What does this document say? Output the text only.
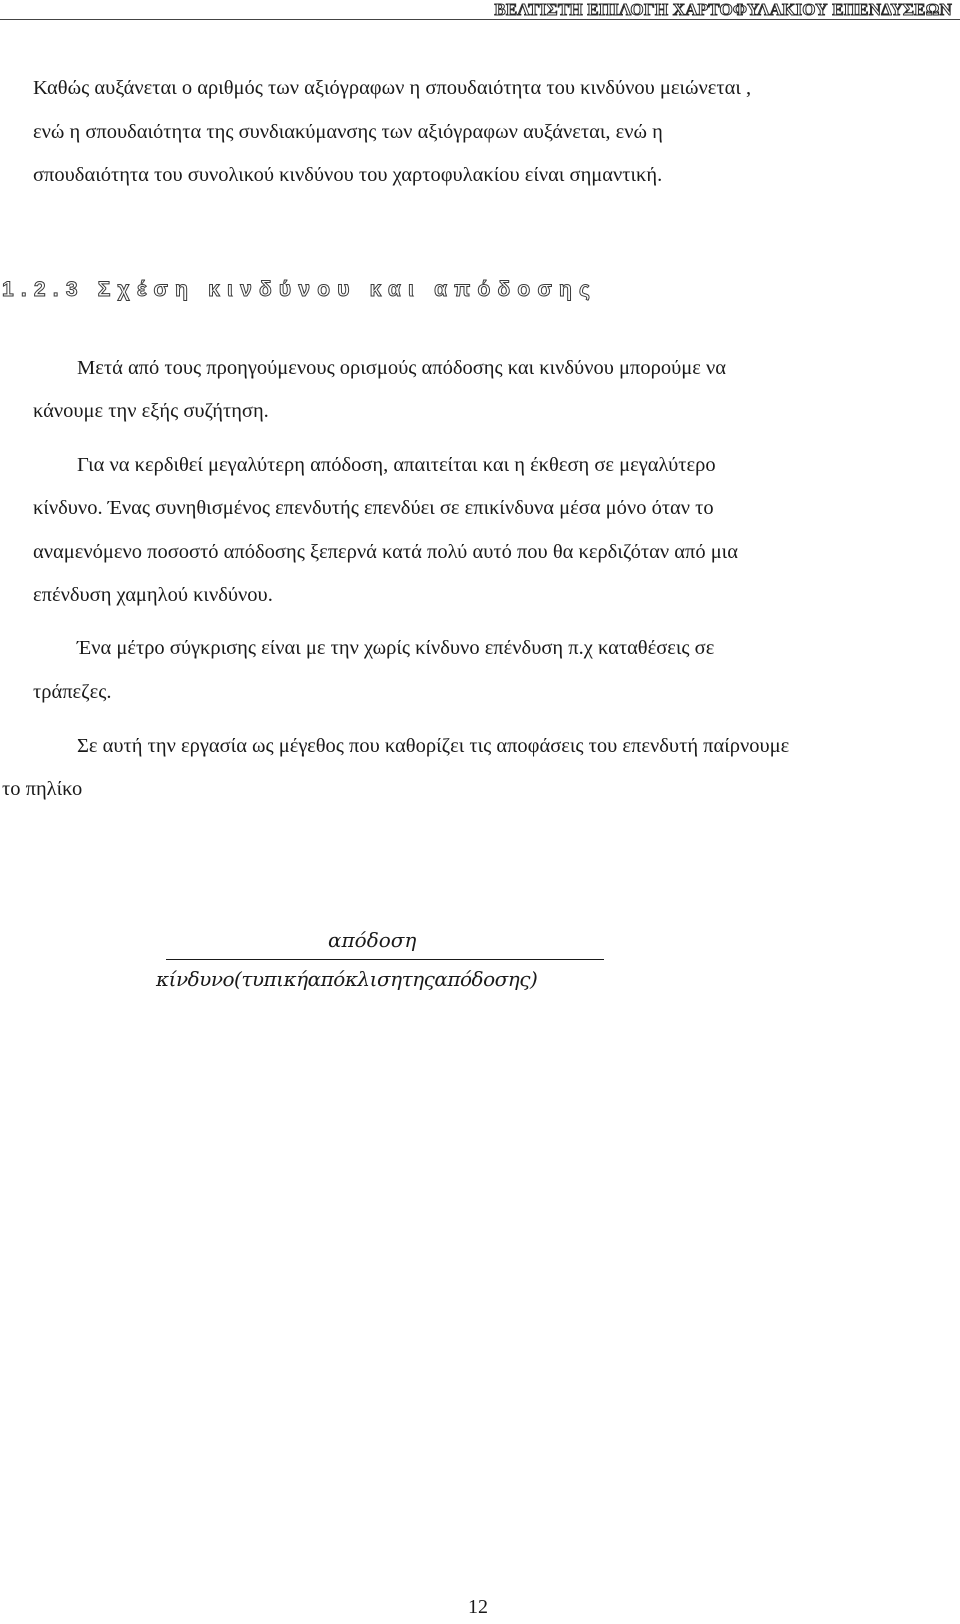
ΒΕΛΤΙΣΤΗ ΕΠΙΛΟΓΗ ΧΑΡΤΟΦΥΛΑΚΙΟΥ ΕΠΕΝΔΥΣΕΩΝ
Καθώς αυξάνεται ο αριθμός των αξιόγραφων η σπουδαιότητα του κινδύνου μειώνεται ,
ενώ η σπουδαιότητα της συνδιακύμανσης των αξιόγραφων αυξάνεται, ενώ η
σπουδαιότητα του συνολικού κινδύνου του χαρτοφυλακίου είναι σημαντική.
1.2.3 Σχέση κινδύνου και απόδοσης
Μετά από τους προηγούμενους ορισμούς απόδοσης και κινδύνου μπορούμε να
κάνουμε την εξής συζήτηση.
Για να κερδιθεί μεγαλύτερη απόδοση, απαιτείται και η έκθεση σε μεγαλύτερο
κίνδυνο. Ένας συνηθισμένος επενδυτής επενδύει σε επικίνδυνα μέσα μόνο όταν το
αναμενόμενο ποσοστό απόδοσης ξεπερνά κατά πολύ αυτό που θα κερδιζόταν από μια
επένδυση χαμηλού κινδύνου.
Ένα μέτρο σύγκρισης είναι με την χωρίς κίνδυνο επένδυση π.χ καταθέσεις σε
τράπεζες.
Σε αυτή την εργασία ως μέγεθος που καθορίζει τις αποφάσεις του επενδυτή παίρνουμε
το πηλίκο
απόδοση
κίνδυνο(τυπικήαπόκλισητηςαπόδοσης)
12
